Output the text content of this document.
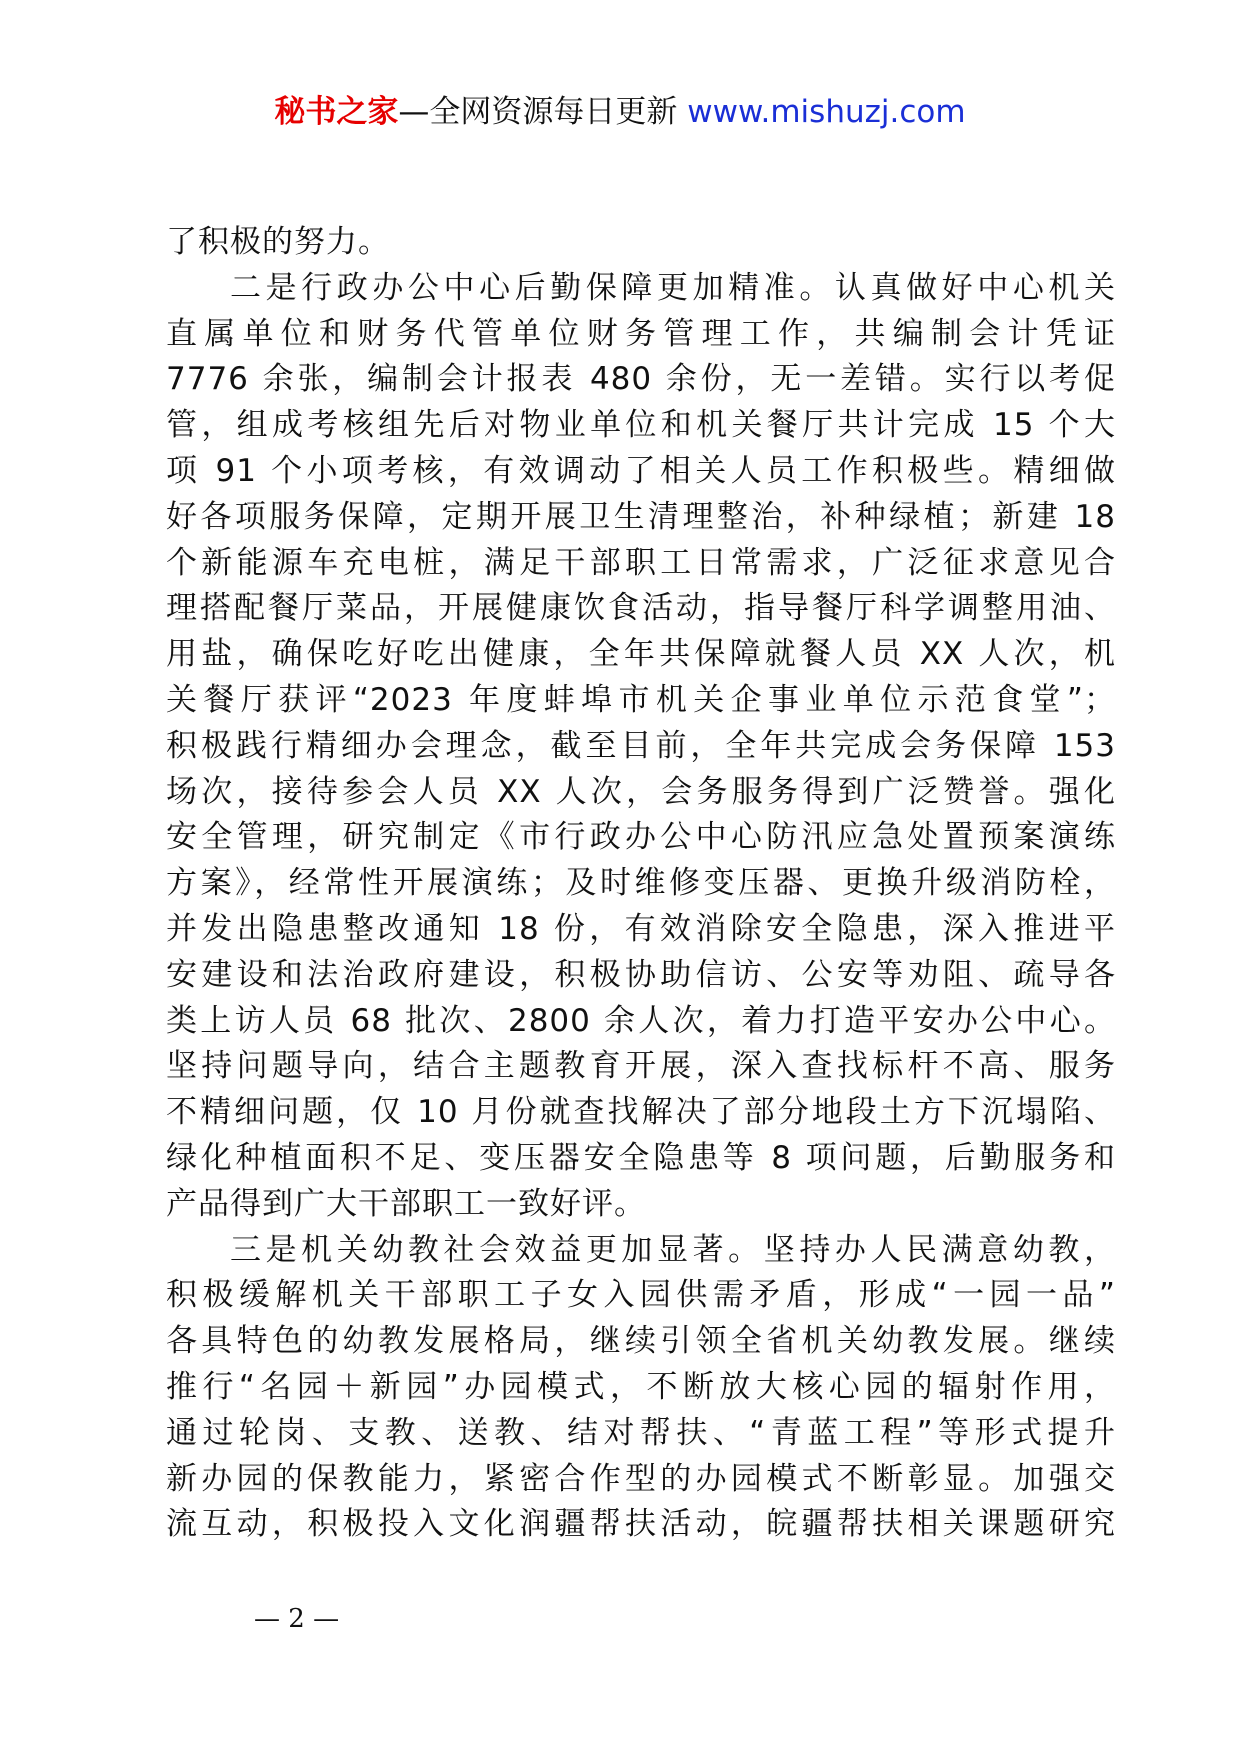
秘书之家—全网资源每日更新 www.mishuzj.com
了积极的努力。
二是行政办公中心后勤保障更加精准。认真做好中心机关
直属单位和财务代管单位财务管理工作，共编制会计凭证
7776 余张，编制会计报表 480 余份，无一差错。实行以考促
管，组成考核组先后对物业单位和机关餐厅共计完成 15 个大
项 91 个小项考核，有效调动了相关人员工作积极些。精细做
好各项服务保障，定期开展卫生清理整治，补种绿植；新建 18
个新能源车充电桩，满足干部职工日常需求，广泛征求意见合
理搭配餐厅菜品，开展健康饮食活动，指导餐厅科学调整用油、
用盐，确保吃好吃出健康，全年共保障就餐人员 XX 人次，机
关餐厅获评“2023 年度蚌埠市机关企事业单位示范食堂”；
积极践行精细办会理念，截至目前，全年共完成会务保障 153
场次，接待参会人员 XX 人次，会务服务得到广泛赞誉。强化
安全管理，研究制定《市行政办公中心防汛应急处置预案演练
方案》，经常性开展演练；及时维修变压器、更换升级消防栓，
并发出隐患整改通知 18 份，有效消除安全隐患，深入推进平
安建设和法治政府建设，积极协助信访、公安等劝阻、疏导各
类上访人员 68 批次、2800 余人次，着力打造平安办公中心。
坚持问题导向，结合主题教育开展，深入查找标杆不高、服务
不精细问题，仅 10 月份就查找解决了部分地段土方下沉塌陷、
绿化种植面积不足、变压器安全隐患等 8 项问题，后勤服务和
产品得到广大干部职工一致好评。
三是机关幼教社会效益更加显著。坚持办人民满意幼教，
积极缓解机关干部职工子女入园供需矛盾，形成“一园一品”
各具特色的幼教发展格局，继续引领全省机关幼教发展。继续
推行“名园＋新园”办园模式，不断放大核心园的辐射作用，
通过轮岗、支教、送教、结对帮扶、“青蓝工程”等形式提升
新办园的保教能力，紧密合作型的办园模式不断彰显。加强交
流互动，积极投入文化润疆帮扶活动，皖疆帮扶相关课题研究
— 2 —
